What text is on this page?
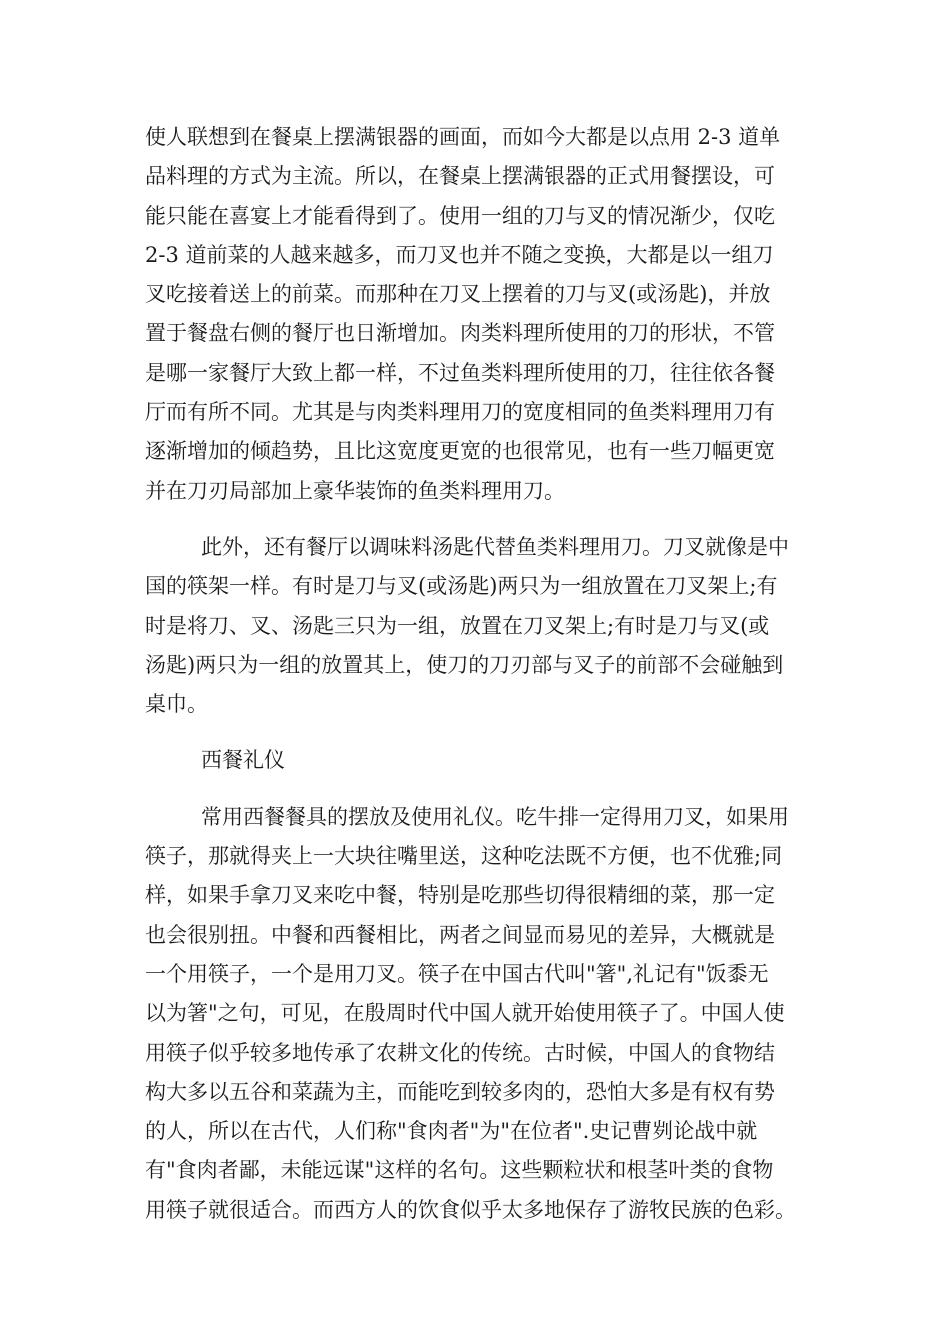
使人联想到在餐桌上摆满银器的画面，而如今大都是以点用 2-3 道单
品料理的方式为主流。所以，在餐桌上摆满银器的正式用餐摆设，可
能只能在喜宴上才能看得到了。使用一组的刀与叉的情况渐少，仅吃
2-3 道前菜的人越来越多，而刀叉也并不随之变换，大都是以一组刀
叉吃接着送上的前菜。而那种在刀叉上摆着的刀与叉(或汤匙)，并放
置于餐盘右侧的餐厅也日渐增加。肉类料理所使用的刀的形状，不管
是哪一家餐厅大致上都一样，不过鱼类料理所使用的刀，往往依各餐
厅而有所不同。尤其是与肉类料理用刀的宽度相同的鱼类料理用刀有
逐渐增加的倾趋势，且比这宽度更宽的也很常见，也有一些刀幅更宽
并在刀刃局部加上豪华装饰的鱼类料理用刀。
此外，还有餐厅以调味料汤匙代替鱼类料理用刀。刀叉就像是中
国的筷架一样。有时是刀与叉(或汤匙)两只为一组放置在刀叉架上;有
时是将刀、叉、汤匙三只为一组，放置在刀叉架上;有时是刀与叉(或
汤匙)两只为一组的放置其上，使刀的刀刃部与叉子的前部不会碰触到
桌巾。
西餐礼仪
常用西餐餐具的摆放及使用礼仪。吃牛排一定得用刀叉，如果用
筷子，那就得夹上一大块往嘴里送，这种吃法既不方便，也不优雅;同
样，如果手拿刀叉来吃中餐，特别是吃那些切得很精细的菜，那一定
也会很别扭。中餐和西餐相比，两者之间显而易见的差异，大概就是
一个用筷子，一个是用刀叉。筷子在中国古代叫"箸",礼记有"饭黍无
以为箸"之句，可见，在殷周时代中国人就开始使用筷子了。中国人使
用筷子似乎较多地传承了农耕文化的传统。古时候，中国人的食物结
构大多以五谷和菜蔬为主，而能吃到较多肉的，恐怕大多是有权有势
的人，所以在古代，人们称"食肉者"为"在位者".史记曹刿论战中就
有"食肉者鄙，未能远谋"这样的名句。这些颗粒状和根茎叶类的食物
用筷子就很适合。而西方人的饮食似乎太多地保存了游牧民族的色彩。
